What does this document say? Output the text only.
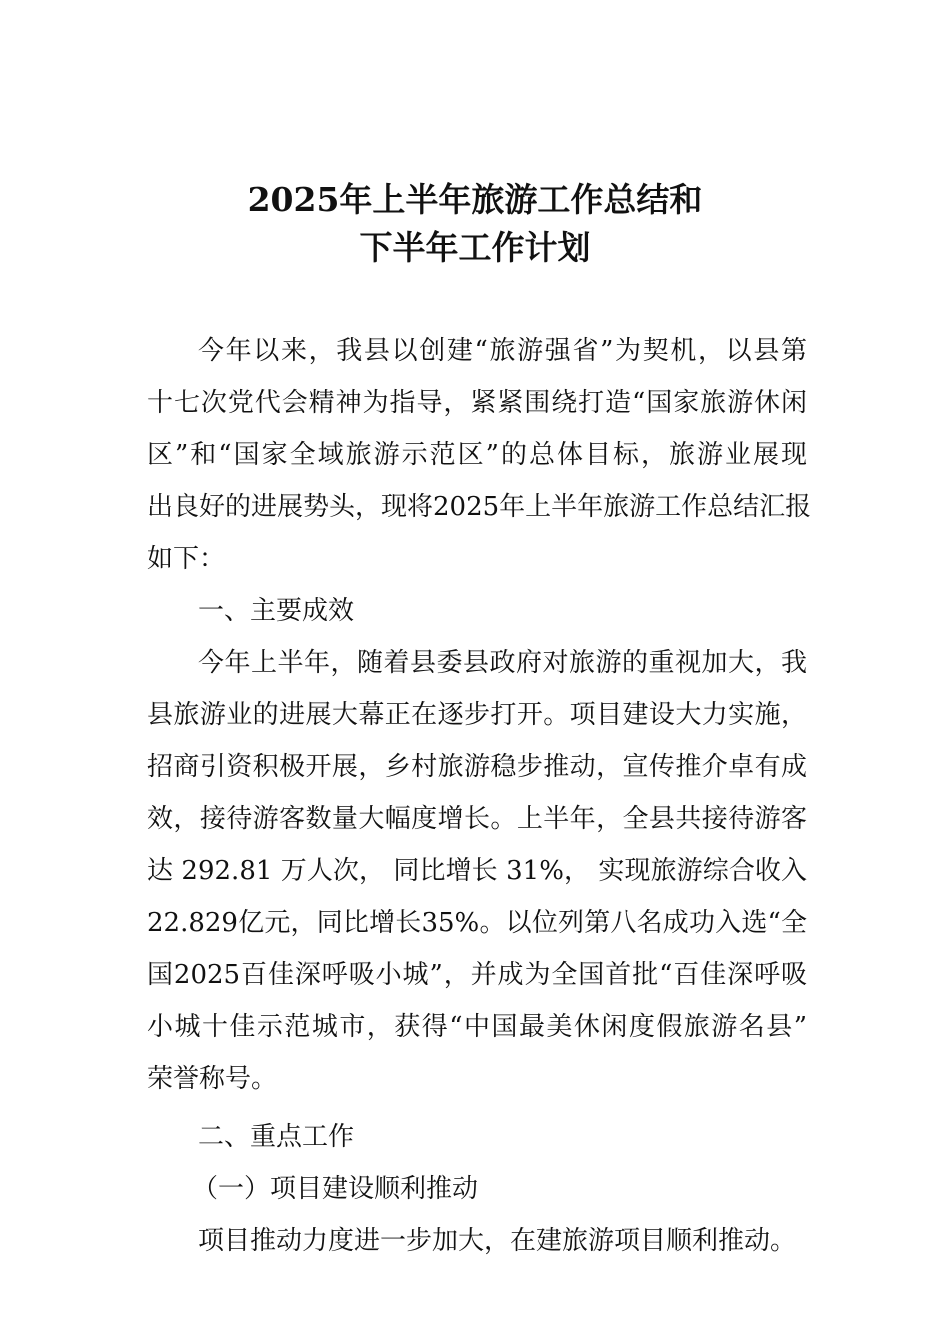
2025年上半年旅游工作总结和
下半年工作计划
今年以来，我县以创建“旅游强省”为契机，以县第
十七次党代会精神为指导，紧紧围绕打造“国家旅游休闲
区”和“国家全域旅游示范区”的总体目标，旅游业展现
出良好的进展势头，现将2025年上半年旅游工作总结汇报
如下：
一、主要成效
今年上半年，随着县委县政府对旅游的重视加大，我
县旅游业的进展大幕正在逐步打开。项目建设大力实施，
招商引资积极开展，乡村旅游稳步推动，宣传推介卓有成
效，接待游客数量大幅度增长。上半年，全县共接待游客
达 292.81 万人次， 同比增长 31%， 实现旅游综合收入
22.829亿元，同比增长35%。以位列第八名成功入选“全
国2025百佳深呼吸小城”，并成为全国首批“百佳深呼吸
小城十佳示范城市，获得“中国最美休闲度假旅游名县”
荣誉称号。
二、重点工作
（一）项目建设顺利推动
项目推动力度进一步加大，在建旅游项目顺利推动。
